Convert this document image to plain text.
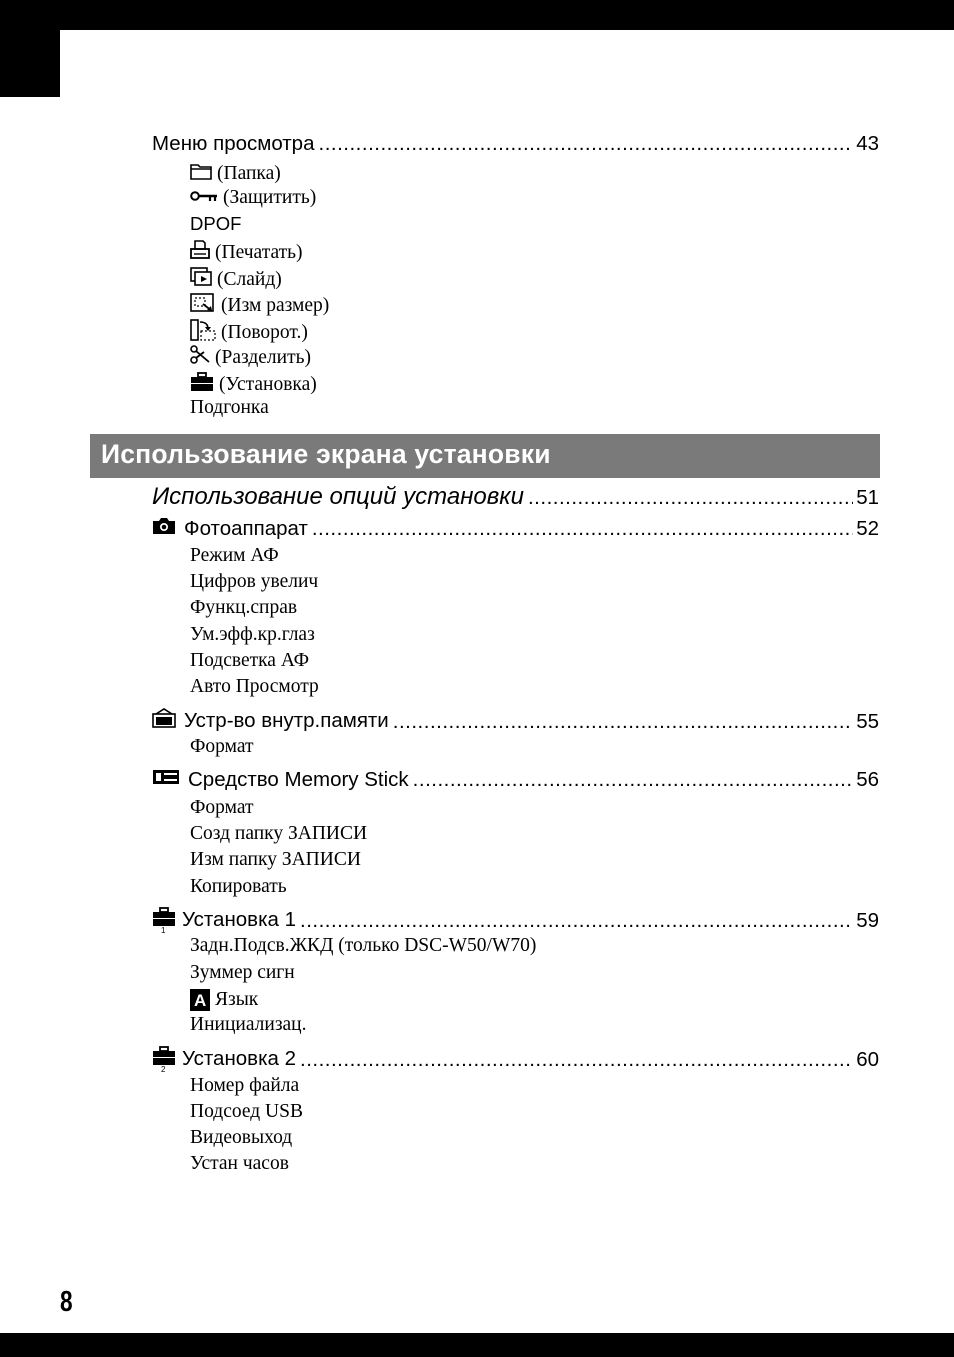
Меню просмотра .....	43
(Папка)
(Защитить)
DPOF
(Печатать)
(Слайд)
(Изм размер)
(Поворот.)
(Разделить)
(Установка)
Подгонка
Использование экрана установки
Использование опций установки .....	51
Фотоаппарат .....	52
Режим АФ
Цифров увелич
Функц.справ
Ум.эфф.кр.глаз
Подсветка АФ
Авто Просмотр
Устр-во внутр.памяти .....	55
Формат
Средство Memory Stick .....	56
Формат
Созд папку ЗАПИСИ
Изм папку ЗАПИСИ
Копировать
1 Установка 1 .....	59
Задн.Подсв.ЖКД (только DSC-W50/W70)
Зуммер сигн
A Язык
Инициализац.
2 Установка 2 .....	60
Номер файла
Подсоед USB
Видеовыход
Устан часов
8
